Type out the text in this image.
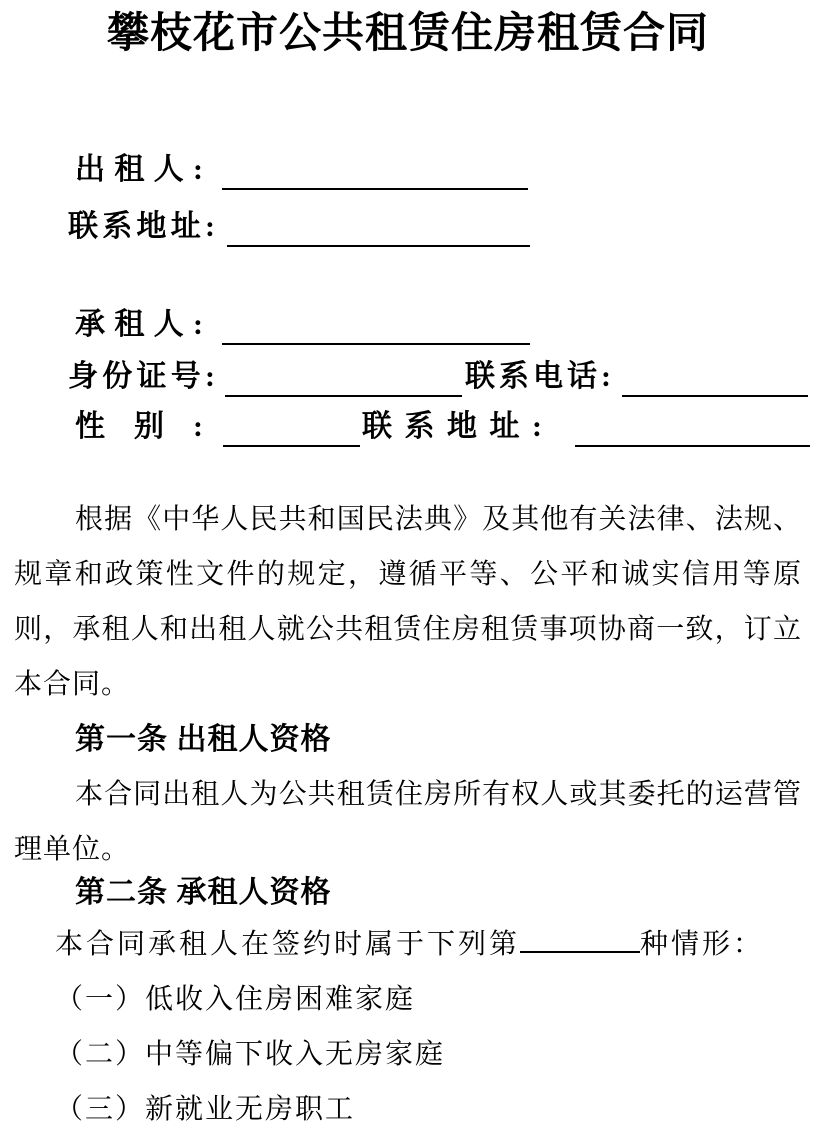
攀枝花市公共租赁住房租赁合同
出租人:
联系地址:
承租人:
身份证号:	联系电话:
性别:	联系地址:

根据《中华人民共和国民法典》及其他有关法律、法规、规章和政策性文件的规定，遵循平等、公平和诚实信用等原则，承租人和出租人就公共租赁住房租赁事项协商一致，订立本合同。

第一条 出租人资格

本合同出租人为公共租赁住房所有权人或其委托的运营管理单位。

第二条 承租人资格

本合同承租人在签约时属于下列第	种情形：

（一）低收入住房困难家庭
（二）中等偏下收入无房家庭
（三）新就业无房职工
